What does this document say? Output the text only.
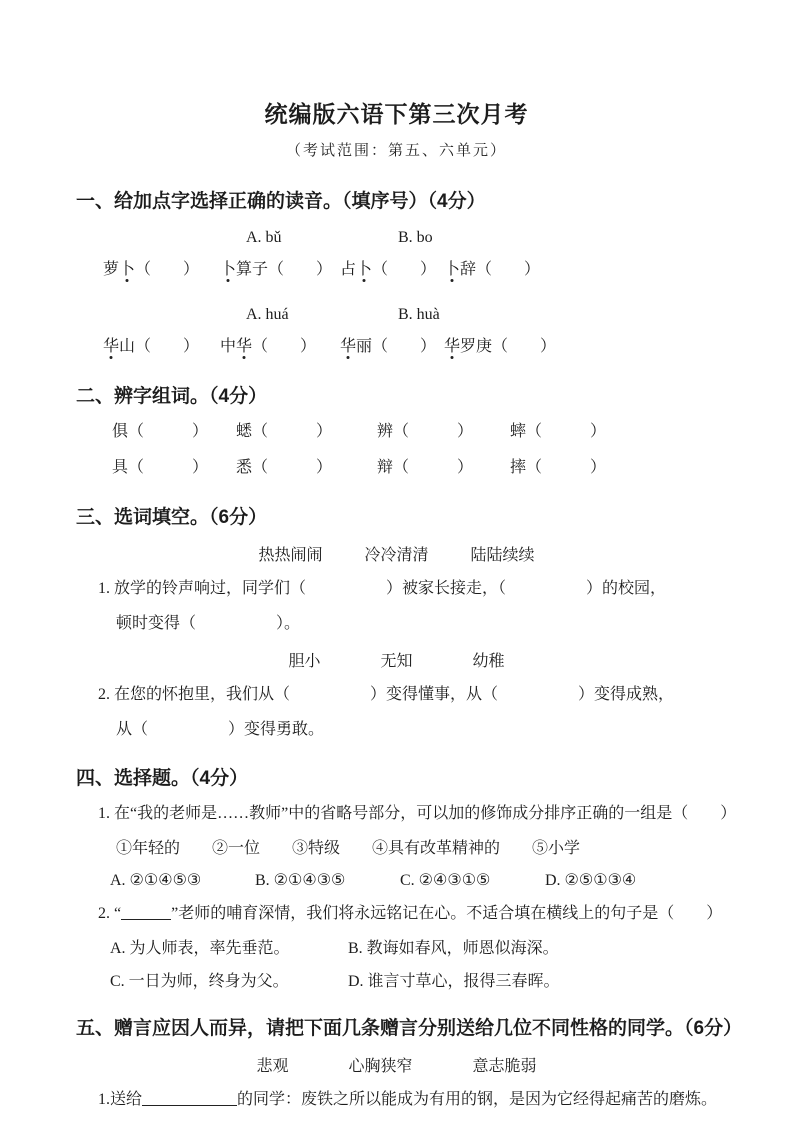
统编版六语下第三次月考
（考试范围：第五、六单元）
一、给加点字选择正确的读音。（填序号）（4分）
A. bǔ	B. bo
萝卜（　　）	卜算子（　　） 占卜（　　） 卜辞（　　）
A. huá	B. huà
华山（　　）	中华（　　）	华丽（　　） 华罗庚（　　）
二、辨字组词。（4分）
俱（　　　）	蟋（　　　）	辨（　　　）	蟀（　　　）
具（　　　）	悉（　　　）	辩（　　　）	摔（　　　）
三、选词填空。（6分）
热热闹闹	冷冷清清	陆陆续续
1. 放学的铃声响过，同学们（　　　　　）被家长接走，（　　　　　）的校园，
顿时变得（　　　　　）。
胆小	无知	幼稚
2. 在您的怀抱里，我们从（　　　　　）变得懂事，从（　　　　　）变得成熟，
从（　　　　　）变得勇敢。
四、选择题。（4分）
1. 在“我的老师是……教师”中的省略号部分，可以加的修饰成分排序正确的一组是（　　）
①年轻的　　②一位　　③特级　　④具有改革精神的　　⑤小学
A. ②①④⑤③	B. ②①④③⑤	C. ②④③①⑤	D. ②⑤①③④
2. “	”老师的哺育深情，我们将永远铭记在心。不适合填在横线上的句子是（　　）
A. 为人师表，率先垂范。	B. 教诲如春风，师恩似海深。
C. 一日为师，终身为父。	D. 谁言寸草心，报得三春晖。
五、赠言应因人而异，请把下面几条赠言分别送给几位不同性格的同学。（6分）
悲观	心胸狭窄	意志脆弱
1.送给	的同学：废铁之所以能成为有用的钢，是因为它经得起痛苦的磨炼。
